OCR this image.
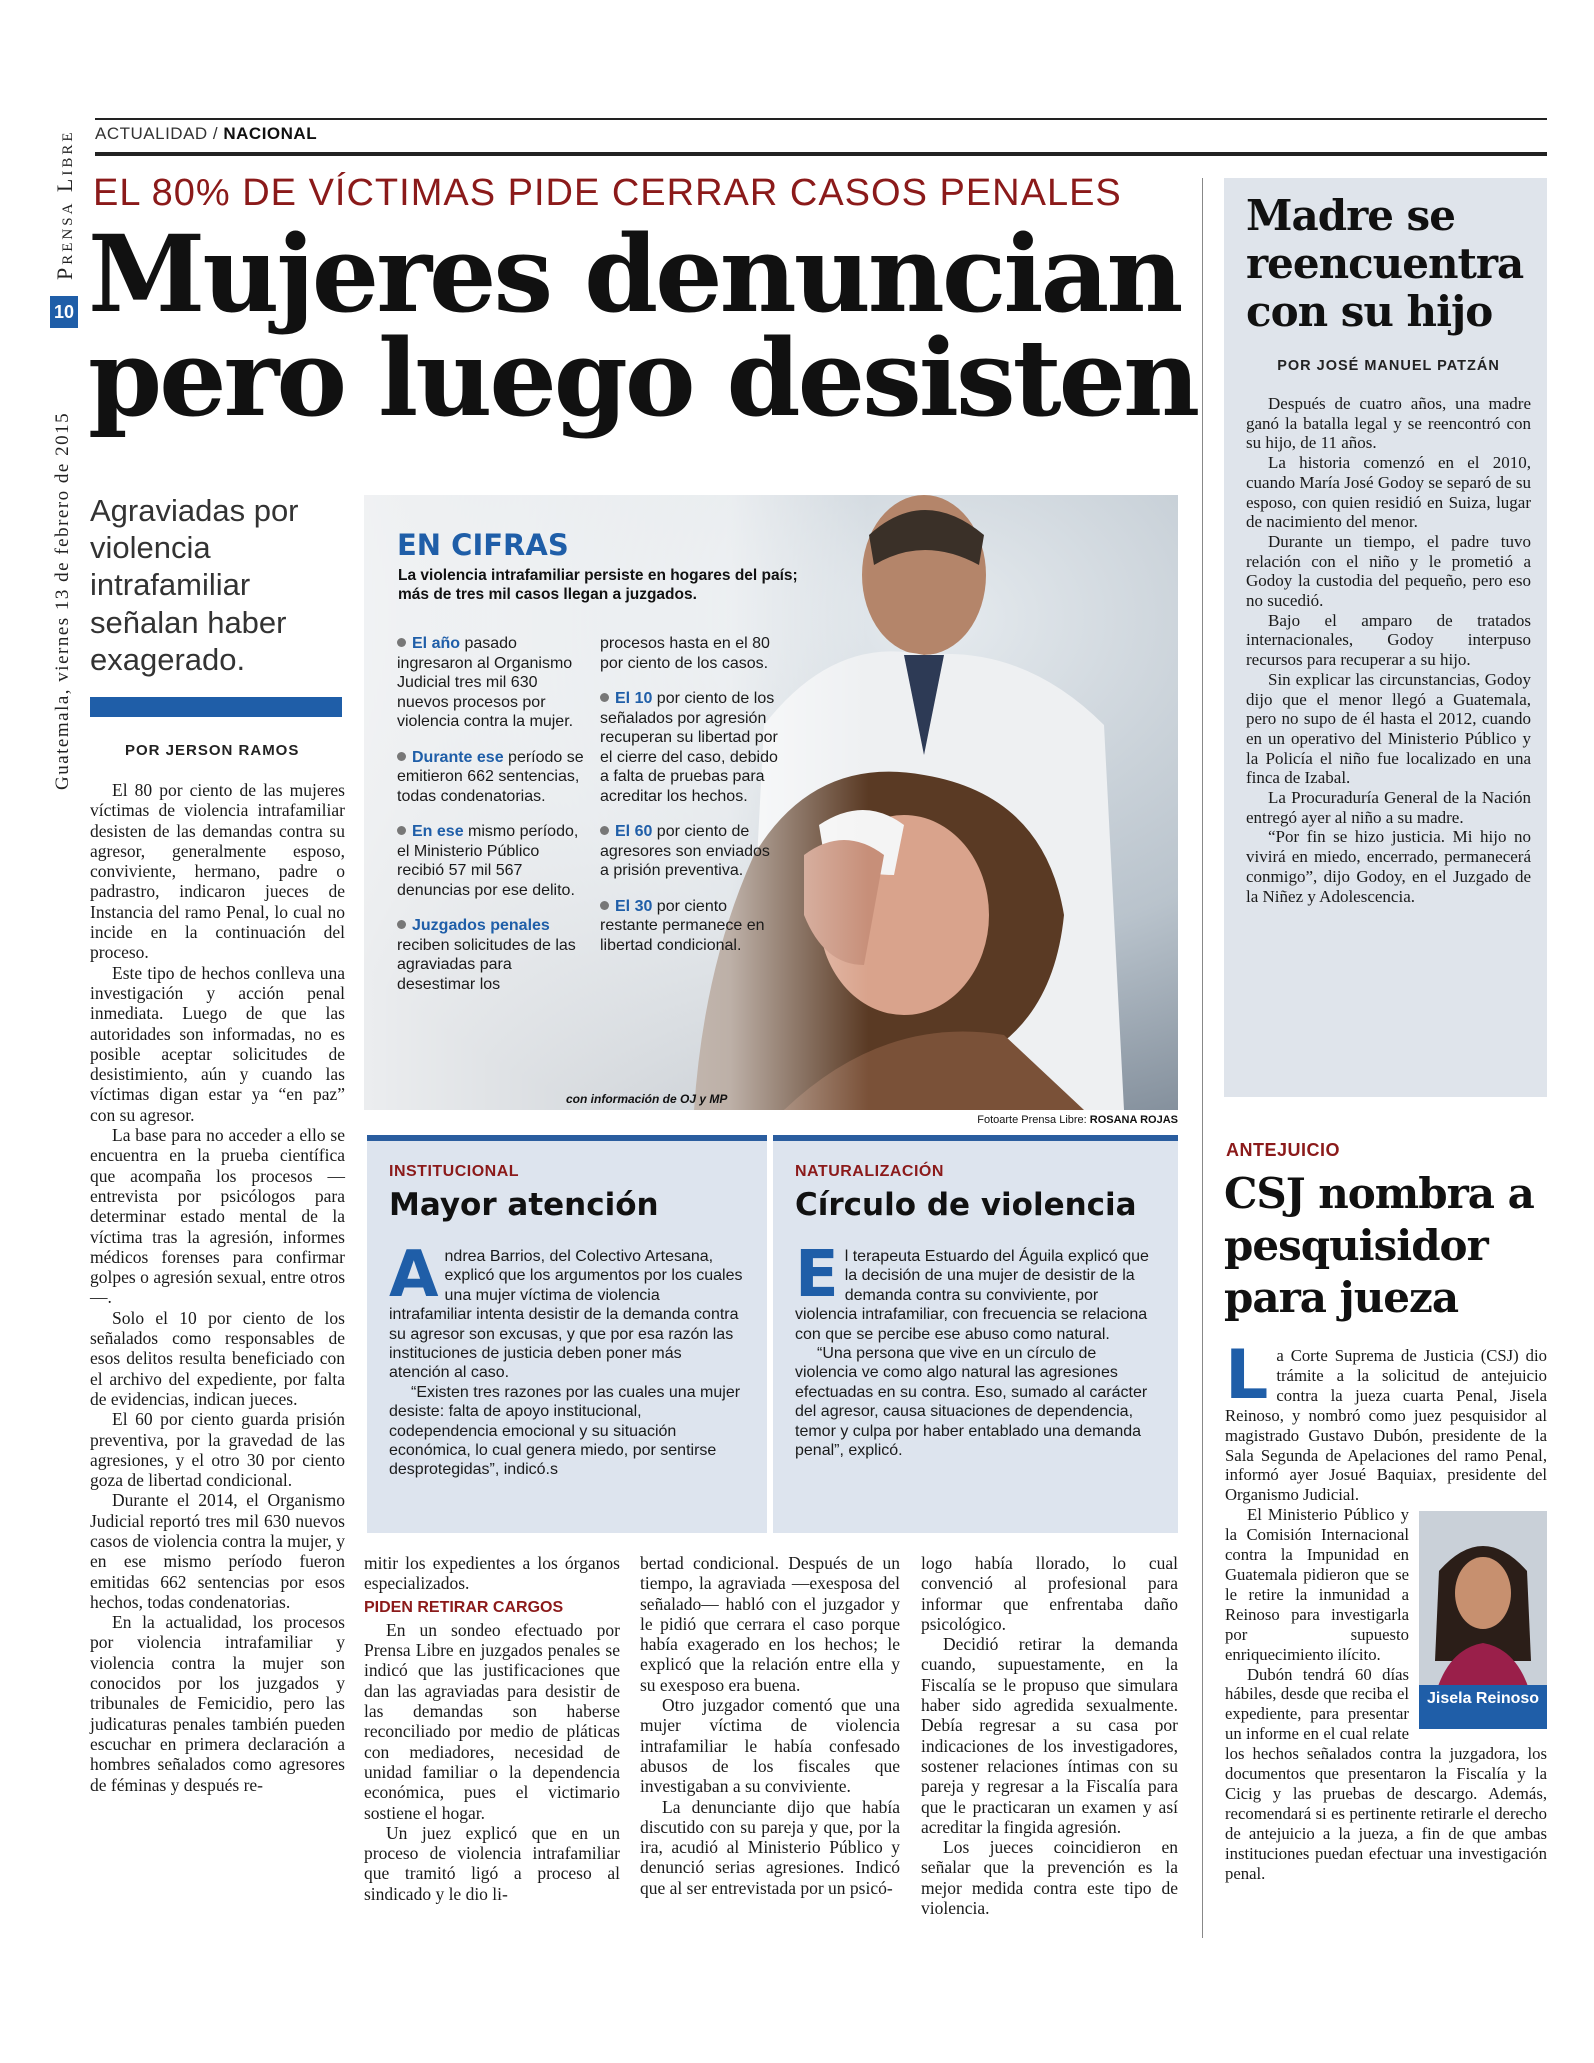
Prensa Libre
10
Guatemala, viernes 13 de febrero de 2015
ACTUALIDAD / NACIONAL
EL 80% DE VÍCTIMAS PIDE CERRAR CASOS PENALES
Mujeres denuncian
pero luego desisten
Agraviadas por violencia intrafamiliar señalan haber exagerado.
POR JERSON RAMOS

El 80 por ciento de las mujeres víctimas de violencia intrafamiliar desisten de las demandas contra su agresor, generalmente esposo, conviviente, hermano, padre o padrastro, indicaron jueces de Instancia del ramo Penal, lo cual no incide en la continuación del proceso.

Este tipo de hechos conlleva una investigación y acción penal inmediata. Luego de que las autoridades son informadas, no es posible aceptar solicitudes de desistimiento, aún y cuando las víctimas digan estar ya “en paz” con su agresor.

La base para no acceder a ello se encuentra en la prueba científica que acompaña los procesos —entrevista por psicólogos para determinar estado mental de la víctima tras la agresión, informes médicos forenses para confirmar golpes o agresión sexual, entre otros—.

Solo el 10 por ciento de los señalados como responsables de esos delitos resulta beneficiado con el archivo del expediente, por falta de evidencias, indican jueces.

El 60 por ciento guarda prisión preventiva, por la gravedad de las agresiones, y el otro 30 por ciento goza de libertad condicional.

Durante el 2014, el Organismo Judicial reportó tres mil 630 nuevos casos de violencia contra la mujer, y en ese mismo período fueron emitidas 662 sentencias por esos hechos, todas condenatorias.

En la actualidad, los procesos por violencia intrafamiliar y violencia contra la mujer son conocidos por los juzgados y tribunales de Femicidio, pero las judicaturas penales también pueden escuchar en primera declaración a hombres señalados como agresores de féminas y después re-

EN CIFRAS
La violencia intrafamiliar persiste en hogares del país; más de tres mil casos llegan a juzgados.
El año pasado ingresaron al Organismo Judicial tres mil 630 nuevos procesos por violencia contra la mujer.
Durante ese período se emitieron 662 sentencias, todas condenatorias.
En ese mismo período, el Ministerio Público recibió 57 mil 567 denuncias por ese delito.
Juzgados penales reciben solicitudes de las agraviadas para desestimar los
procesos hasta en el 80 por ciento de los casos.
El 10 por ciento de los señalados por agresión recuperan su libertad por el cierre del caso, debido a falta de pruebas para acreditar los hechos.
El 60 por ciento de agresores son enviados a prisión preventiva.
El 30 por ciento restante permanece en libertad condicional.
con información de OJ y MP
Fotoarte Prensa Libre: ROSANA ROJAS
INSTITUCIONAL
Mayor atención

Andrea Barrios, del Colectivo Artesana, explicó que los argumentos por los cuales una mujer víctima de violencia intrafamiliar intenta desistir de la demanda contra su agresor son excusas, y que por esa razón las instituciones de justicia deben poner más atención al caso.

“Existen tres razones por las cuales una mujer desiste: falta de apoyo institucional, codependencia emocional y su situación económica, lo cual genera miedo, por sentirse desprotegidas”, indicó.s

NATURALIZACIÓN
Círculo de violencia

El terapeuta Estuardo del Águila explicó que la decisión de una mujer de desistir de la demanda contra su conviviente, por violencia intrafamiliar, con frecuencia se relaciona con que se percibe ese abuso como natural.

“Una persona que vive en un círculo de violencia ve como algo natural las agresiones efectuadas en su contra. Eso, sumado al carácter del agresor, causa situaciones de dependencia, temor y culpa por haber entablado una demanda penal”, explicó.

mitir los expedientes a los órganos especializados.

PIDEN RETIRAR CARGOS

En un sondeo efectuado por Prensa Libre en juzgados penales se indicó que las justificaciones que dan las agraviadas para desistir de las demandas son haberse reconciliado por medio de pláticas con mediadores, necesidad de unidad familiar o la dependencia económica, pues el victimario sostiene el hogar.

Un juez explicó que en un proceso de violencia intrafamiliar que tramitó ligó a proceso al sindicado y le dio li-

bertad condicional. Después de un tiempo, la agraviada —exesposa del señalado— habló con el juzgador y le pidió que cerrara el caso porque había exagerado en los hechos; le explicó que la relación entre ella y su exesposo era buena.

Otro juzgador comentó que una mujer víctima de violencia intrafamiliar le había confesado abusos de los fiscales que investigaban a su conviviente.

La denunciante dijo que había discutido con su pareja y que, por la ira, acudió al Ministerio Público y denunció serias agresiones. Indicó que al ser entrevistada por un psicó-

logo había llorado, lo cual convenció al profesional para informar que enfrentaba daño psicológico.

Decidió retirar la demanda cuando, supuestamente, en la Fiscalía se le propuso que simulara haber sido agredida sexualmente. Debía regresar a su casa por indicaciones de los investigadores, sostener relaciones íntimas con su pareja y regresar a la Fiscalía para que le practicaran un examen y así acreditar la fingida agresión.

Los jueces coincidieron en señalar que la prevención es la mejor medida contra este tipo de violencia.

Madre se reencuentra con su hijo
POR JOSÉ MANUEL PATZÁN

Después de cuatro años, una madre ganó la batalla legal y se reencontró con su hijo, de 11 años.

La historia comenzó en el 2010, cuando María José Godoy se separó de su esposo, con quien residió en Suiza, lugar de nacimiento del menor.

Durante un tiempo, el padre tuvo relación con el niño y le prometió a Godoy la custodia del pequeño, pero eso no sucedió.

Bajo el amparo de tratados internacionales, Godoy interpuso recursos para recuperar a su hijo.

Sin explicar las circunstancias, Godoy dijo que el menor llegó a Guatemala, pero no supo de él hasta el 2012, cuando en un operativo del Ministerio Público y la Policía el niño fue localizado en una finca de Izabal.

La Procuraduría General de la Nación entregó ayer al niño a su madre.

“Por fin se hizo justicia. Mi hijo no vivirá en miedo, encerrado, permanecerá conmigo”, dijo Godoy, en el Juzgado de la Niñez y Adolescencia.

ANTEJUICIO
CSJ nombra a pesquisidor para jueza

La Corte Suprema de Justicia (CSJ) dio trámite a la solicitud de antejuicio contra la jueza cuarta Penal, Jisela Reinoso, y nombró como juez pesquisidor al magistrado Gustavo Dubón, presidente de la Sala Segunda de Apelaciones del ramo Penal, informó ayer Josué Baquiax, presidente del Organismo Judicial.

Jisela Reinoso

El Ministerio Público y la Comisión Internacional contra la Impunidad en Guatemala pidieron que se le retire la inmunidad a Reinoso para investigarla por supuesto enriquecimiento ilícito.

Dubón tendrá 60 días hábiles, desde que reciba el expediente, para presentar un informe en el cual relate los hechos señalados contra la juzgadora, los documentos que presentaron la Fiscalía y la Cicig y las pruebas de descargo. Además, recomendará si es pertinente retirarle el derecho de antejuicio a la jueza, a fin de que ambas instituciones puedan efectuar una investigación penal.
